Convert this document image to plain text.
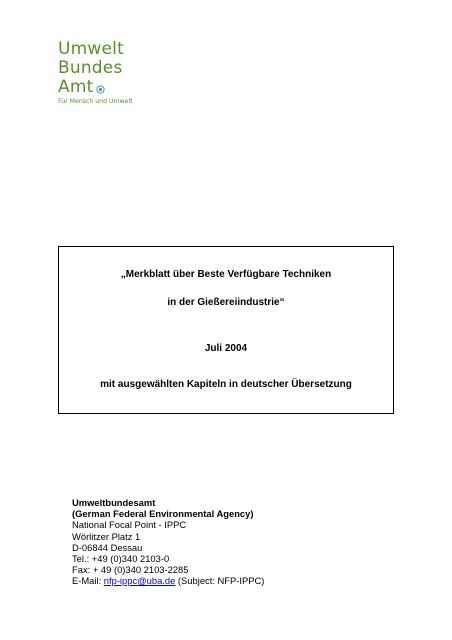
Umwelt
Bundes
Amt
Für Mensch und Umwelt
„Merkblatt über Beste Verfügbare Techniken
in der Gießereiindustrie“
Juli 2004
mit ausgewählten Kapiteln in deutscher Übersetzung
Umweltbundesamt
(German Federal Environmental Agency)
National Focal Point - IPPC
Wörlitzer Platz 1
D-06844 Dessau
Tel.: +49 (0)340 2103-0
Fax: + 49 (0)340 2103-2285
E-Mail: nfp-ippc@uba.de (Subject: NFP-IPPC)
